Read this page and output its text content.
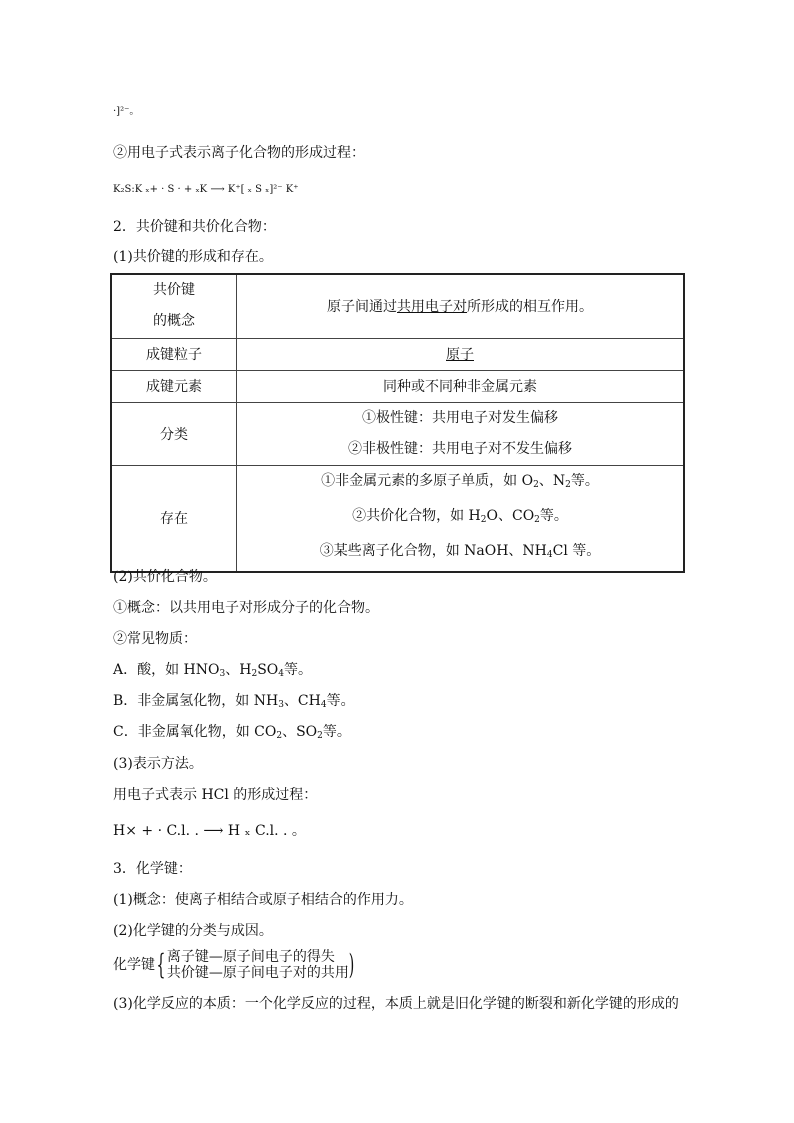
·]²⁻。
②用电子式表示离子化合物的形成过程：
K₂S:K ₓ+ · S · + ₓK ⟶ K⁺[ ₓ S ₓ]²⁻ K⁺
2．共价键和共价化合物：
(1)共价键的形成和存在。
共价键
的概念	原子间通过共用电子对所形成的相互作用。
成键粒子	原子
成键元素	同种或不同种非金属元素
分类	①极性键：共用电子对发生偏移
②非极性键：共用电子对不发生偏移

存在	①非金属元素的多原子单质，如 $O_2$、$N_2$等。
②共价化合物，如 $H_2O$、$CO_2$等。
③某些离子化合物，如 NaOH、$NH_4Cl$ 等。
(2)共价化合物。
①概念：以共用电子对形成分子的化合物。
②常见物质：
A．酸，如 $HNO_3$、$H_2SO_4$等。
B．非金属氢化物，如 $NH_3$、$CH_4$等。
C．非金属氧化物，如 $CO_2$、$SO_2$等。
(3)表示方法。
用电子式表示 HCl 的形成过程：
H× + · C.l. . ⟶ H ₓ C.l. . 。
3．化学键：
(1)概念：使离子相结合或原子相结合的作用力。
(2)化学键的分类与成因。
化学键{ 离子键—原子间电子的得失
共价键—原子间电子对的共用 )
(3)化学反应的本质：一个化学反应的过程，本质上就是旧化学键的断裂和新化学键的形成的
